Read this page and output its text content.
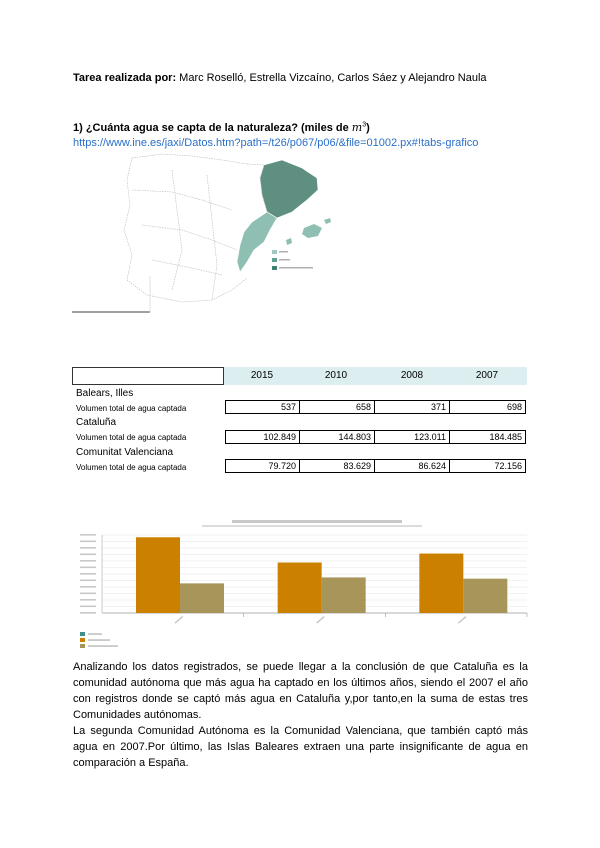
Tarea realizada por: Marc Roselló, Estrella Vizcaíno, Carlos Sáez y Alejandro Naula
1) ¿Cuánta agua se capta de la naturaleza? (miles de $m^3$)
https://www.ine.es/jaxi/Datos.htm?path=/t26/p067/p06/&file=01002.px#!tabs-grafico
2015	2010	2008	2007
Balears, Illes
Volumen total de agua captada	537	658	371	698
Cataluña
Volumen total de agua captada	102.849	144.803	123.011	184.485
Comunitat Valenciana
Volumen total de agua captada	79.720	83.629	86.624	72.156

Analizando los datos registrados, se puede llegar a la conclusión de que Cataluña es la comunidad autónoma que más agua ha captado en los últimos años, siendo el 2007 el año con registros donde se captó más agua en Cataluña y,por tanto,en la suma de estas tres Comunidades autónomas.

La segunda Comunidad Autónoma es la Comunidad Valenciana, que también captó más agua en 2007.Por último, las Islas Baleares extraen una parte insignificante de agua en comparación a España.
